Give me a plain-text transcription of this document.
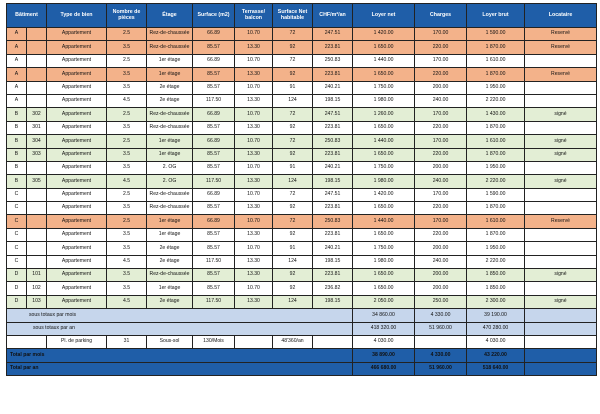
Bâtiment		Type de bien	Nombre de pièces	Étage	Surface (m2)	Terrasse/ balcon	Surface Net habitable	CHF/m²/an	Loyer net	Charges	Loyer brut	Locataire
A		Appartement	2.5	Rez-de-chaussée	66.89	10.70	72	247.51	1 420.00	170.00	1 590.00	Reservé
A		Appartement	3.5	Rez-de-chaussée	85.57	13.30	92	223.81	1 650.00	220.00	1 870.00	Reservé
A		Appartement	2.5	1er étage	66.89	10.70	72	250.83	1 440.00	170.00	1 610.00	
A		Appartement	3.5	1er étage	85.57	13.30	92	223.81	1 650.00	220.00	1 870.00	Reservé
A		Appartement	3.5	2e étage	85.57	10.70	91	240.21	1 750.00	200.00	1 950.00	
A		Appartement	4.5	2e étage	117.50	13.30	124	198.15	1 980.00	240.00	2 220.00	
B	302	Appartement	2.5	Rez-de-chaussée	66.89	10.70	72	247.51	1 260.00	170.00	1 430.00	signé
B	301	Appartement	3.5	Rez-de-chaussée	85.57	13.30	92	223.81	1 650.00	220.00	1 870.00	
B	304	Appartement	2.5	1er étage	66.89	10.70	72	250.83	1 440.00	170.00	1 610.00	signé
B	303	Appartement	3.5	1er étage	85.57	13.30	92	223.81	1 650.00	220.00	1 870.00	signé
B		Appartement	3.5	2. OG	85.57	10.70	91	240.21	1 750.00	200.00	1 950.00	
B	305	Appartement	4.5	2. OG	117.50	13.30	124	198.15	1 980.00	240.00	2 220.00	signé
C		Appartement	2.5	Rez-de-chaussée	66.89	10.70	72	247.51	1 420.00	170.00	1 590.00	
C		Appartement	3.5	Rez-de-chaussée	85.57	13.30	92	223.81	1 650.00	220.00	1 870.00	
C		Appartement	2.5	1er étage	66.89	10.70	72	250.83	1 440.00	170.00	1 610.00	Reservé
C		Appartement	3.5	1er étage	85.57	13.30	92	223.81	1 650.00	220.00	1 870.00	
C		Appartement	3.5	2e étage	85.57	10.70	91	240.21	1 750.00	200.00	1 950.00	
C		Appartement	4.5	2e étage	117.50	13.30	124	198.15	1 980.00	240.00	2 220.00	
D	101	Appartement	3.5	Rez-de-chaussée	85.57	13.30	92	223.81	1 650.00	200.00	1 850.00	signé
D	102	Appartement	3.5	1er étage	85.57	10.70	92	236.82	1 650.00	200.00	1 850.00	
D	103	Appartement	4.5	2e étage	117.50	13.30	124	198.15	2 050.00	250.00	2 300.00	signé
sous totaux par mois									34 860.00	4 330.00	39 190.00	
sous totaux par an									418 320.00	51 960.00	470 280.00	
		Pl. de parking	31	Sous-sol	130/Mois		48'360/an		4 030.00		4 030.00	
Total par mois									38 890.00	4 330.00	43 220.00	
Total par an									466 680.00	51 960.00	518 640.00	
